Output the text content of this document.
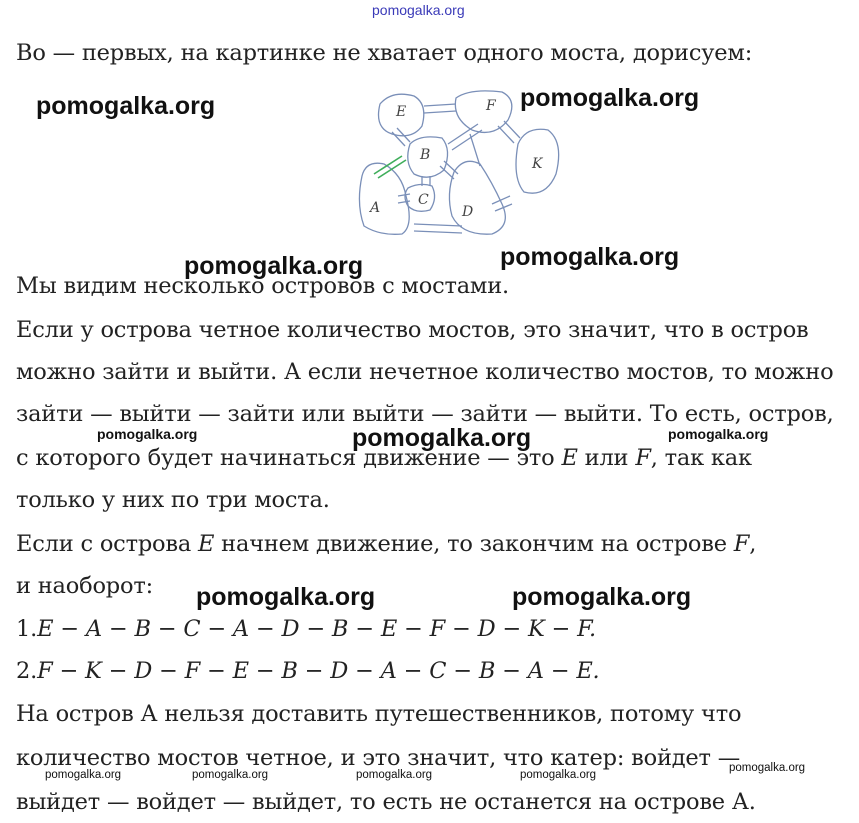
pomogalka.org
Во — первых, на картинке не хватает одного моста, дорисуем:
E	F
B
K
C
A	D
Мы видим несколько островов с мостами.
Если у острова четное количество мостов, это значит, что в остров
можно зайти и выйти. А если нечетное количество мостов, то можно
зайти — выйти — зайти или выйти — зайти — выйти. То есть, остров,
с которого будет начинаться движение — это E или F, так как
только у них по три моста.
Если с острова E начнем движение, то закончим на острове F,
и наоборот:
1.E − A − B − C − A − D − B − E − F − D − K − F.
2.F − K − D − F − E − B − D − A − C − B − A − E.
На остров А нельзя доставить путешественников, потому что
количество мостов четное, и это значит, что катер: войдет —
выйдет — войдет — выйдет, то есть не останется на острове А.
pomogalka.org	pomogalka.org
pomogalka.org
pomogalka.org
pomogalka.org	pomogalka.org	pomogalka.org
pomogalka.org	pomogalka.org
pomogalka.org	pomogalka.org	pomogalka.org	pomogalka.org
pomogalka.org
